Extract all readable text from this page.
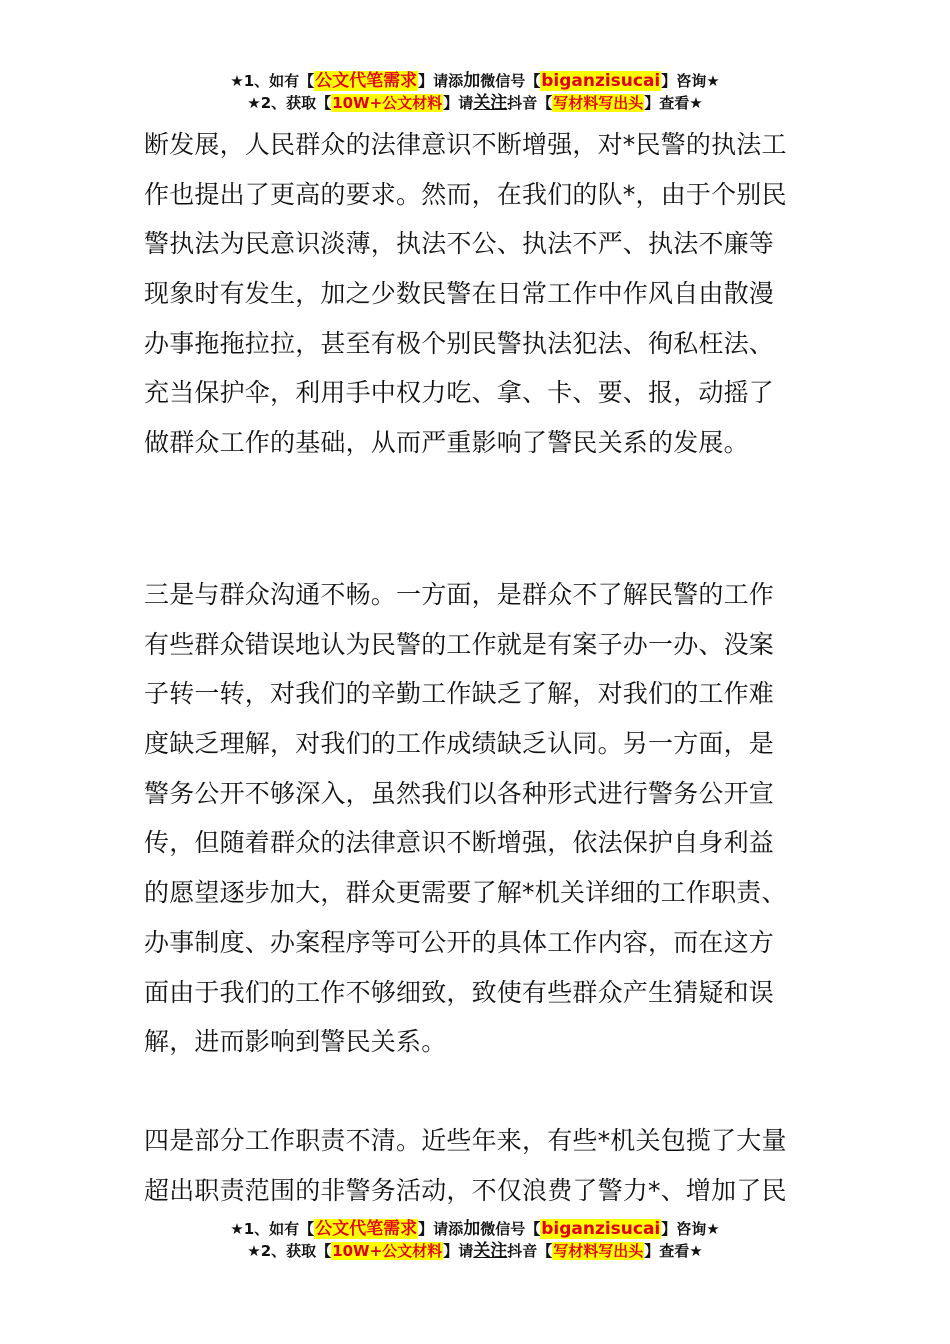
★1、如有【公文代笔需求】请添加微信号【biganzisucai】咨询★
★2、获取【10W+公文材料】请关注抖音【写材料写出头】查看★
断发展，人民群众的法律意识不断增强，对*民警的执法工
作也提出了更高的要求。然而，在我们的队*，由于个别民
警执法为民意识淡薄，执法不公、执法不严、执法不廉等
现象时有发生，加之少数民警在日常工作中作风自由散漫
办事拖拖拉拉，甚至有极个别民警执法犯法、徇私枉法、
充当保护伞，利用手中权力吃、拿、卡、要、报，动摇了
做群众工作的基础，从而严重影响了警民关系的发展。
三是与群众沟通不畅。一方面，是群众不了解民警的工作
有些群众错误地认为民警的工作就是有案子办一办、没案
子转一转，对我们的辛勤工作缺乏了解，对我们的工作难
度缺乏理解，对我们的工作成绩缺乏认同。另一方面，是
警务公开不够深入，虽然我们以各种形式进行警务公开宣
传，但随着群众的法律意识不断增强，依法保护自身利益
的愿望逐步加大，群众更需要了解*机关详细的工作职责、
办事制度、办案程序等可公开的具体工作内容，而在这方
面由于我们的工作不够细致，致使有些群众产生猜疑和误
解，进而影响到警民关系。
四是部分工作职责不清。近些年来，有些*机关包揽了大量
超出职责范围的非警务活动，不仅浪费了警力*、增加了民
★1、如有【公文代笔需求】请添加微信号【biganzisucai】咨询★
★2、获取【10W+公文材料】请关注抖音【写材料写出头】查看★
